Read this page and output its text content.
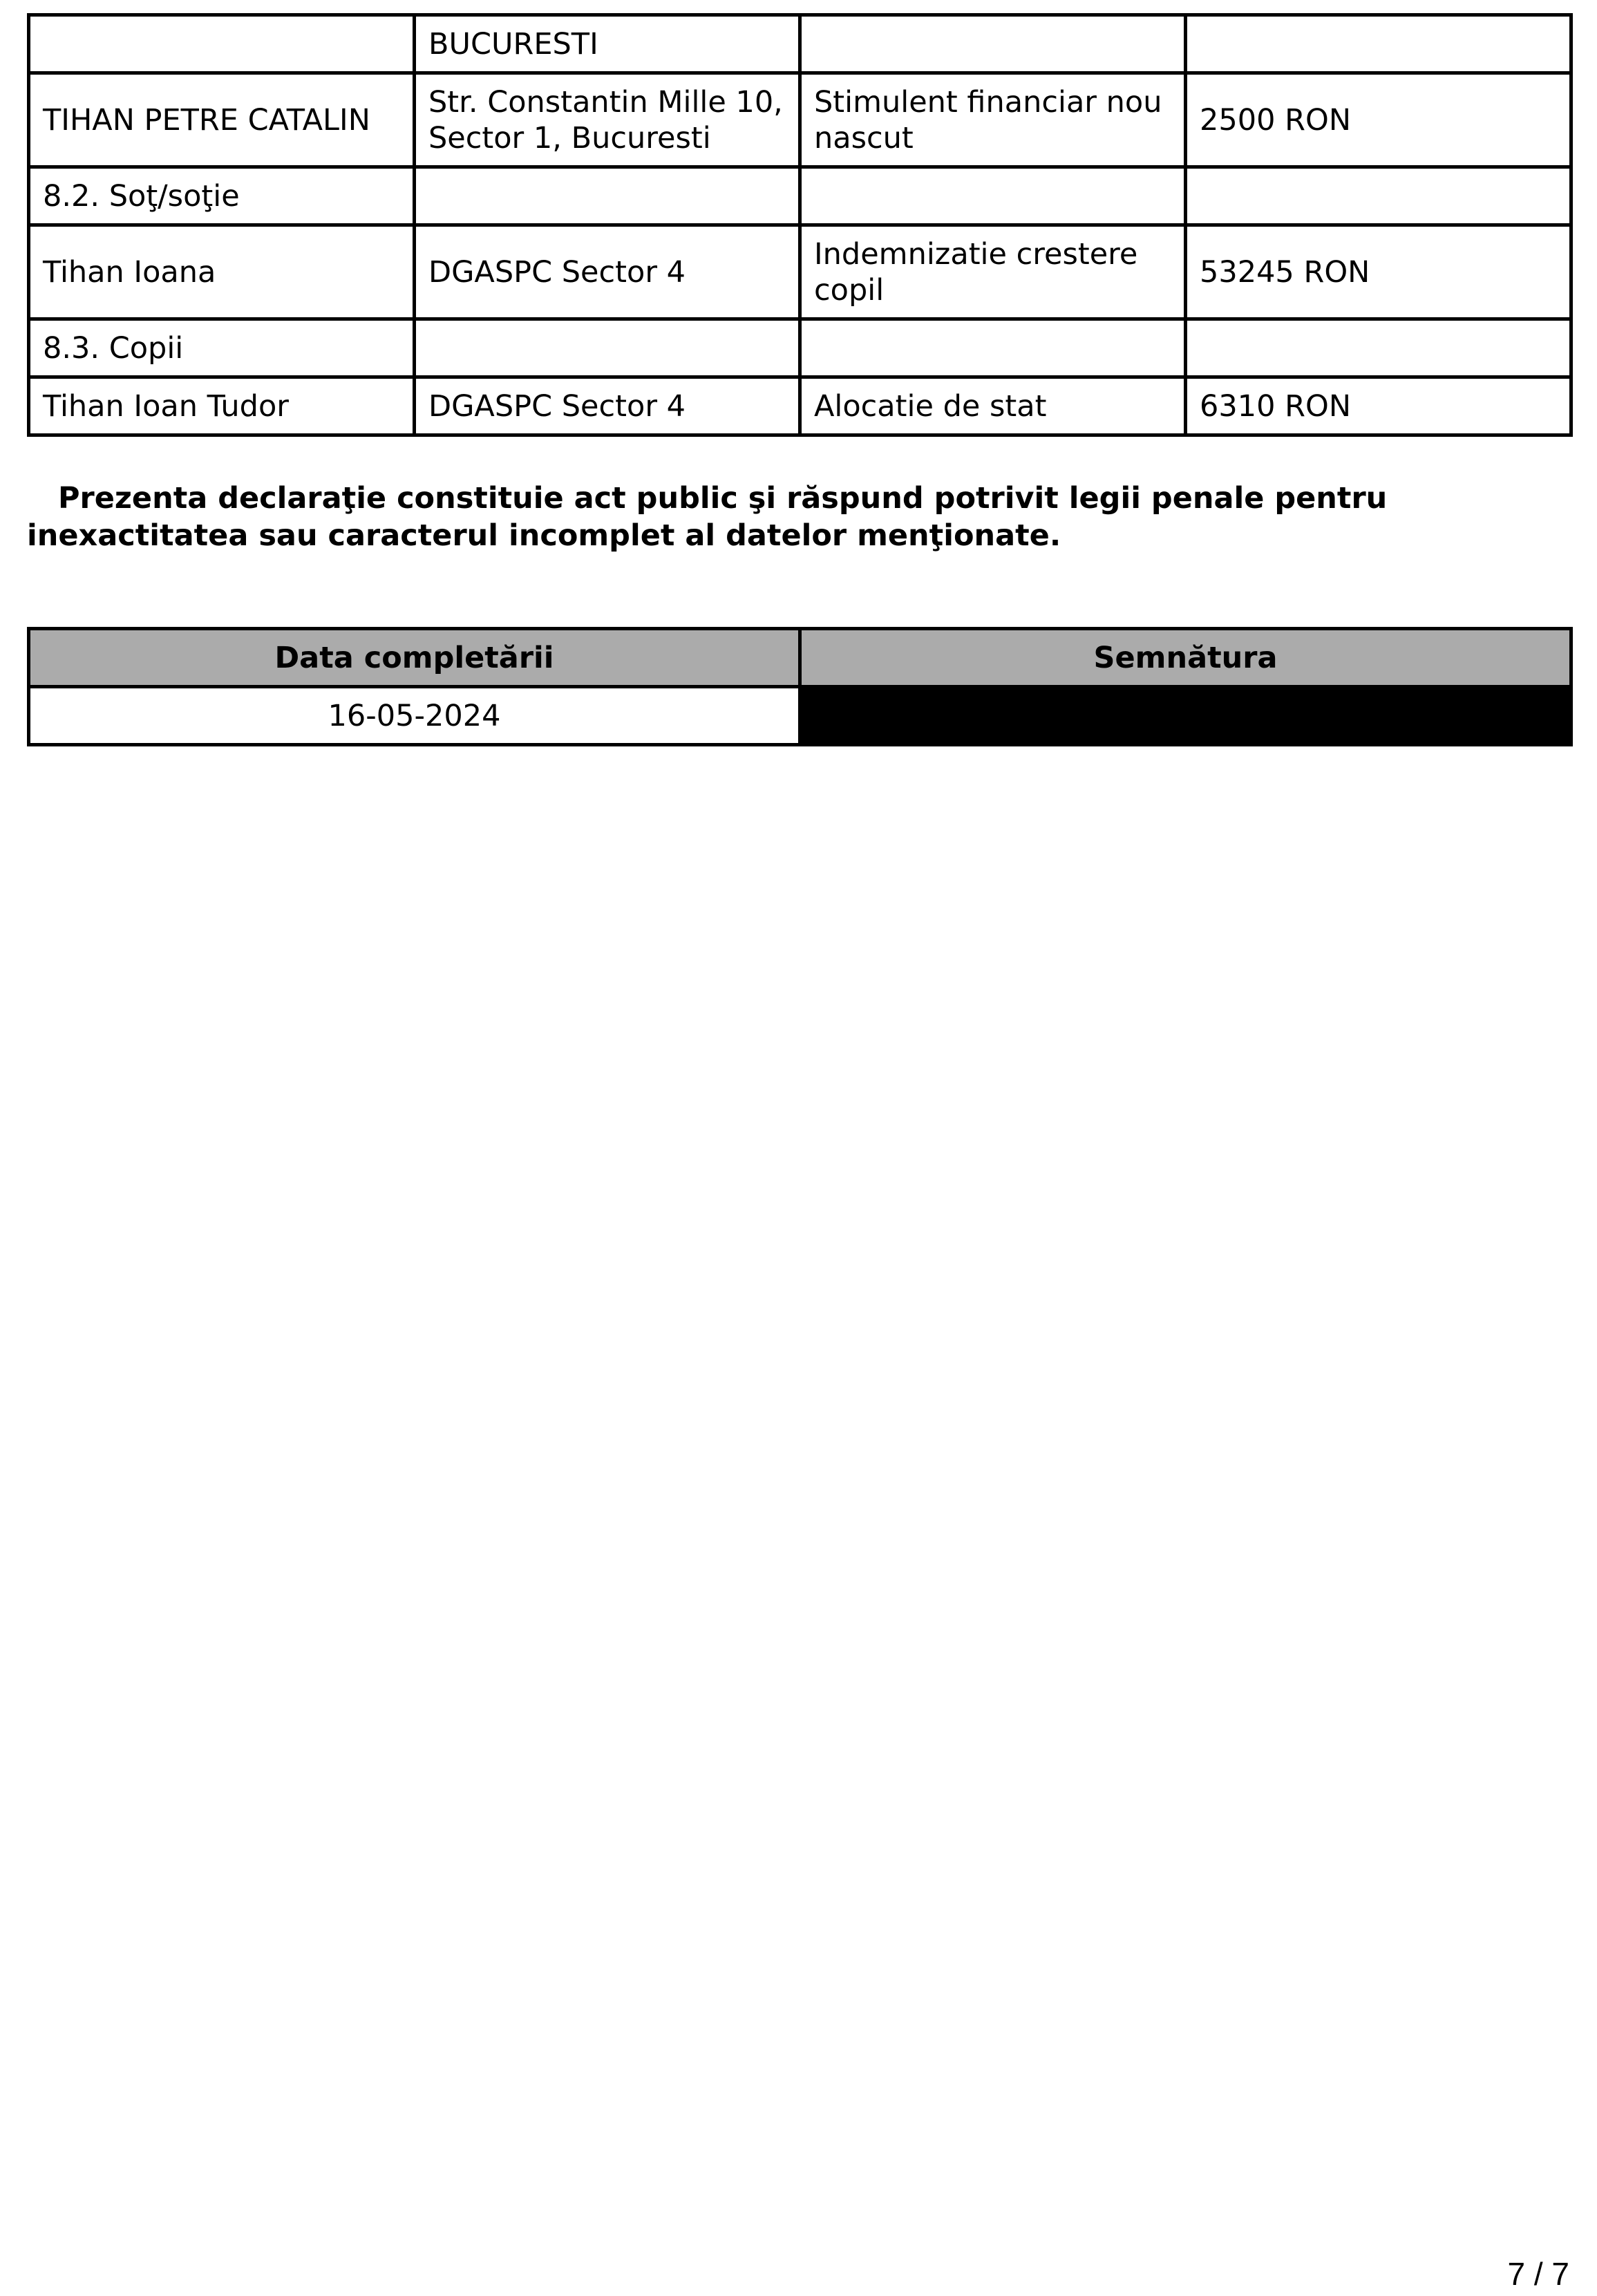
	BUCURESTI		
TIHAN PETRE CATALIN	Str. Constantin Mille 10, Sector 1, Bucuresti	Stimulent financiar nou nascut	2500 RON
8.2. Soţ/soţie			
Tihan Ioana	DGASPC Sector 4	Indemnizatie crestere copil	53245 RON
8.3. Copii			
Tihan Ioan Tudor	DGASPC Sector 4	Alocatie de stat	6310 RON

Prezenta declaraţie constituie act public şi răspund potrivit legii penale pentru inexactitatea sau caracterul incomplet al datelor menţionate.

Data completării	Semnătura
16-05-2024	

7 / 7
